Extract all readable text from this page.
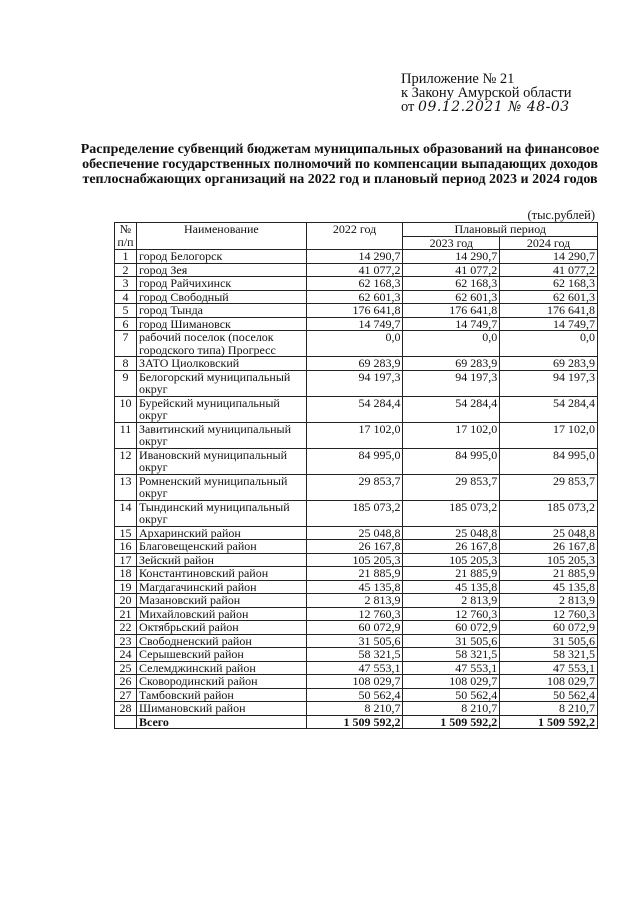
Приложение № 21
к Закону Амурской области
от 09.12.2021 № 48-03
Распределение субвенций бюджетам муниципальных образований на финансовое обеспечение государственных полномочий по компенсации выпадающих доходов теплоснабжающих организаций на 2022 год и плановый период 2023 и 2024 годов
(тыс.рублей)
№
п/п	Наименование	2022 год	Плановый период	
			2023 год	2024 год
1	город Белогорск	14 290,7	14 290,7	14 290,7
2	город Зея	41 077,2	41 077,2	41 077,2
3	город Райчихинск	62 168,3	62 168,3	62 168,3
4	город Свободный	62 601,3	62 601,3	62 601,3
5	город Тында	176 641,8	176 641,8	176 641,8
6	город Шимановск	14 749,7	14 749,7	14 749,7
7	рабочий поселок (поселок городского типа) Прогресс	0,0	0,0	0,0
8	ЗАТО Циолковский	69 283,9	69 283,9	69 283,9
9	Белогорский муниципальный округ	94 197,3	94 197,3	94 197,3
10	Бурейский муниципальный округ	54 284,4	54 284,4	54 284,4
11	Завитинский муниципальный округ	17 102,0	17 102,0	17 102,0
12	Ивановский муниципальный округ	84 995,0	84 995,0	84 995,0
13	Ромненский муниципальный округ	29 853,7	29 853,7	29 853,7
14	Тындинский муниципальный округ	185 073,2	185 073,2	185 073,2
15	Архаринский район	25 048,8	25 048,8	25 048,8
16	Благовещенский район	26 167,8	26 167,8	26 167,8
17	Зейский район	105 205,3	105 205,3	105 205,3
18	Константиновский район	21 885,9	21 885,9	21 885,9
19	Магдагачинский район	45 135,8	45 135,8	45 135,8
20	Мазановский район	2 813,9	2 813,9	2 813,9
21	Михайловский район	12 760,3	12 760,3	12 760,3
22	Октябрьский район	60 072,9	60 072,9	60 072,9
23	Свободненский район	31 505,6	31 505,6	31 505,6
24	Серышевский район	58 321,5	58 321,5	58 321,5
25	Селемджинский район	47 553,1	47 553,1	47 553,1
26	Сковородинский район	108 029,7	108 029,7	108 029,7
27	Тамбовский район	50 562,4	50 562,4	50 562,4
28	Шимановский район	8 210,7	8 210,7	8 210,7
	Всего	1 509 592,2	1 509 592,2	1 509 592,2
